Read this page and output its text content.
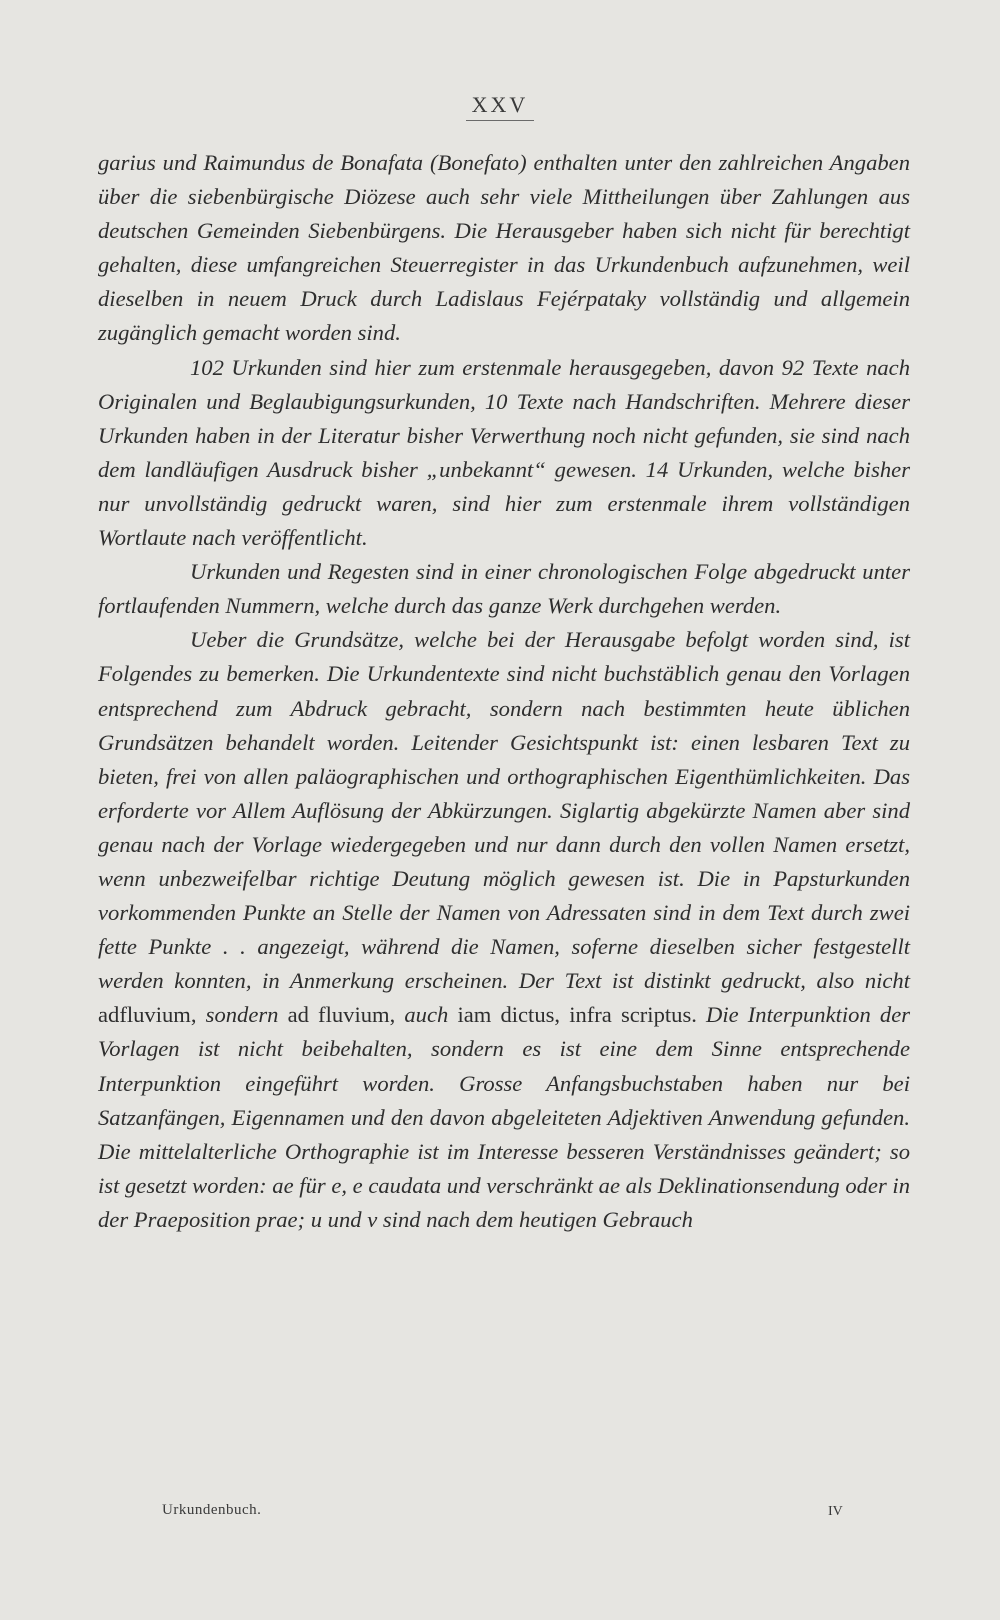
XXV

garius und Raimundus de Bonafata (Bonefato) enthalten unter den zahlreichen Angaben über die siebenbürgische Diözese auch sehr viele Mittheilungen über Zahlungen aus deutschen Gemeinden Siebenbürgens. Die Herausgeber haben sich nicht für berechtigt gehalten, diese umfangreichen Steuerregister in das Urkundenbuch aufzunehmen, weil dieselben in neuem Druck durch Ladislaus Fejérpataky vollständig und allgemein zugänglich gemacht worden sind.

102 Urkunden sind hier zum erstenmale herausgegeben, davon 92 Texte nach Originalen und Beglaubigungsurkunden, 10 Texte nach Handschriften. Mehrere dieser Urkunden haben in der Literatur bisher Verwerthung noch nicht gefunden, sie sind nach dem landläufigen Ausdruck bisher „unbekannt“ gewesen. 14 Urkunden, welche bisher nur unvollständig gedruckt waren, sind hier zum erstenmale ihrem vollständigen Wortlaute nach veröffentlicht.

Urkunden und Regesten sind in einer chronologischen Folge abgedruckt unter fortlaufenden Nummern, welche durch das ganze Werk durchgehen werden.

Ueber die Grundsätze, welche bei der Herausgabe befolgt worden sind, ist Folgendes zu bemerken. Die Urkundentexte sind nicht buchstäblich genau den Vorlagen entsprechend zum Abdruck gebracht, sondern nach bestimmten heute üblichen Grundsätzen behandelt worden. Leitender Gesichtspunkt ist: einen lesbaren Text zu bieten, frei von allen paläographischen und orthographischen Eigenthümlichkeiten. Das erforderte vor Allem Auflösung der Abkürzungen. Siglartig abgekürzte Namen aber sind genau nach der Vorlage wiedergegeben und nur dann durch den vollen Namen ersetzt, wenn unbezweifelbar richtige Deutung möglich gewesen ist. Die in Papsturkunden vorkommenden Punkte an Stelle der Namen von Adressaten sind in dem Text durch zwei fette Punkte . . angezeigt, während die Namen, soferne dieselben sicher festgestellt werden konnten, in Anmerkung erscheinen. Der Text ist distinkt gedruckt, also nicht adfluvium, sondern ad fluvium, auch iam dictus, infra scriptus. Die Interpunktion der Vorlagen ist nicht beibehalten, sondern es ist eine dem Sinne entsprechende Interpunktion eingeführt worden. Grosse Anfangsbuchstaben haben nur bei Satzanfängen, Eigennamen und den davon abgeleiteten Adjektiven Anwendung gefunden. Die mittelalterliche Orthographie ist im Interesse besseren Verständnisses geändert; so ist gesetzt worden: ae für e, e caudata und verschränkt ae als Deklinationsendung oder in der Praeposition prae; u und v sind nach dem heutigen Gebrauch

Urkundenbuch.	IV
